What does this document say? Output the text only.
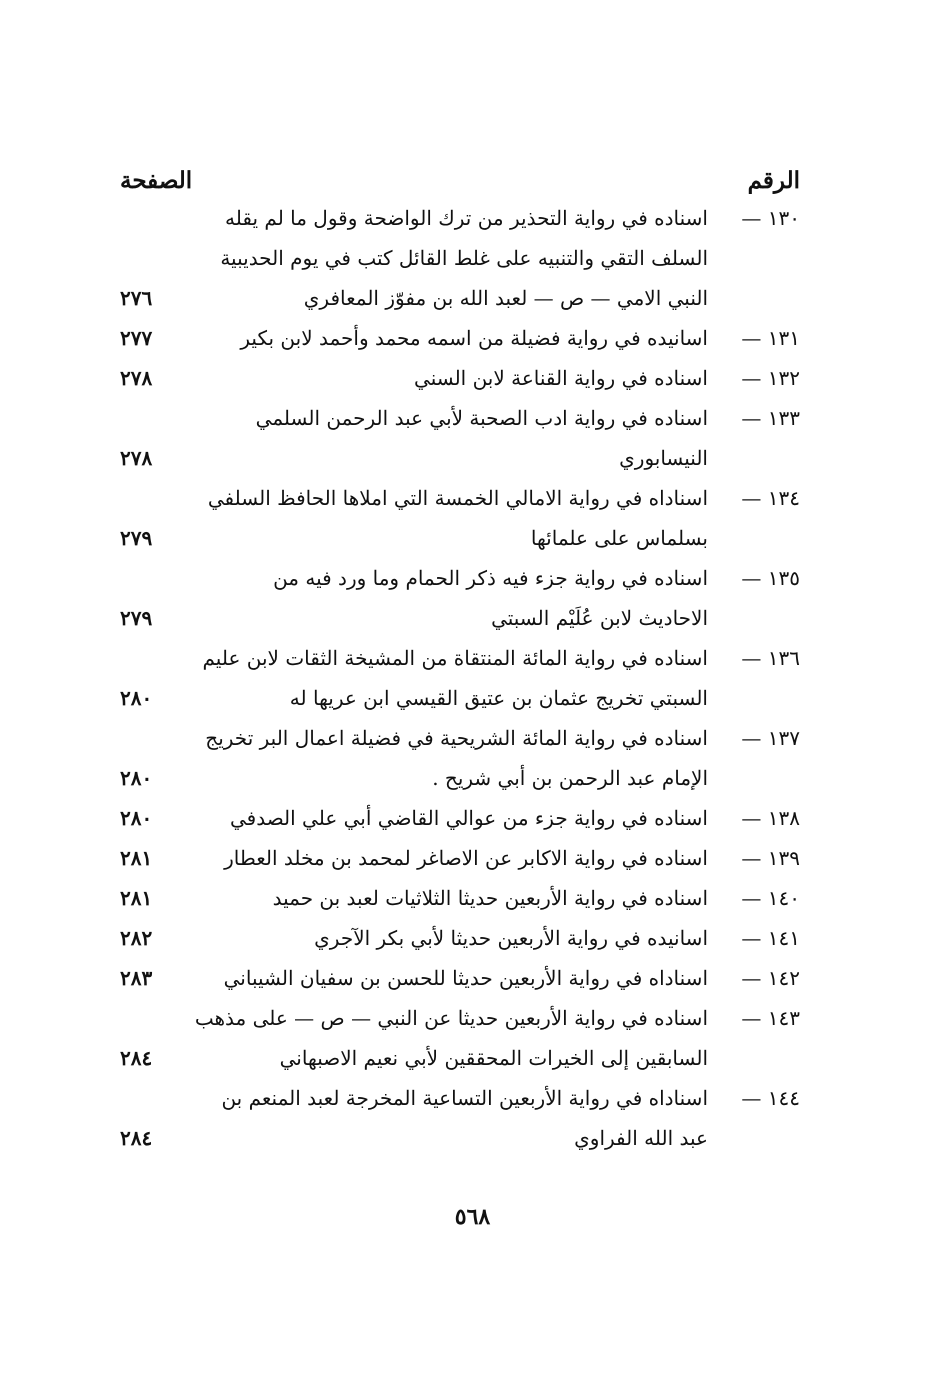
الرقم
الصفحة
١٣٠ —
اسناده في رواية التحذير من ترك الواضحة وقول ما لم يقله
السلف التقي والتنبيه على غلط القائل كتب في يوم الحديبية
النبي الامي — ص — لعبد الله بن مفوّز المعافري
٢٧٦
١٣١ —
اسانيده في رواية فضيلة من اسمه محمد وأحمد لابن بكير
٢٧٧
١٣٢ —
اسناده في رواية القناعة لابن السني
٢٧٨
١٣٣ —
اسناده في رواية ادب الصحبة لأبي عبد الرحمن السلمي
النيسابوري
٢٧٨
١٣٤ —
اسناداه في رواية الامالي الخمسة التي املاها الحافظ السلفي
بسلماس على علمائها
٢٧٩
١٣٥ —
اسناده في رواية جزء فيه ذكر الحمام وما ورد فيه من
الاحاديث لابن عُلَيْم السبتي
٢٧٩
١٣٦ —
اسناده في رواية المائة المنتقاة من المشيخة الثقات لابن عليم
السبتي تخريج عثمان بن عتيق القيسي ابن عريها له
٢٨٠
١٣٧ —
اسناده في رواية المائة الشريحية في فضيلة اعمال البر تخريج
الإمام عبد الرحمن بن أبي شريح .
٢٨٠
١٣٨ —
اسناده في رواية جزء من عوالي القاضي أبي علي الصدفي
٢٨٠
١٣٩ —
اسناده في رواية الاكابر عن الاصاغر لمحمد بن مخلد العطار
٢٨١
١٤٠ —
اسناده في رواية الأربعين حديثا الثلاثيات لعبد بن حميد
٢٨١
١٤١ —
اسانيده في رواية الأربعين حديثا لأبي بكر الآجري
٢٨٢
١٤٢ —
اسناداه في رواية الأربعين حديثا للحسن بن سفيان الشيباني
٢٨٣
١٤٣ —
اسناده في رواية الأربعين حديثا عن النبي — ص — على مذهب
السابقين إلى الخيرات المحققين لأبي نعيم الاصبهاني
٢٨٤
١٤٤ —
اسناداه في رواية الأربعين التساعية المخرجة لعبد المنعم بن
عبد الله الفراوي
٢٨٤
٥٦٨
